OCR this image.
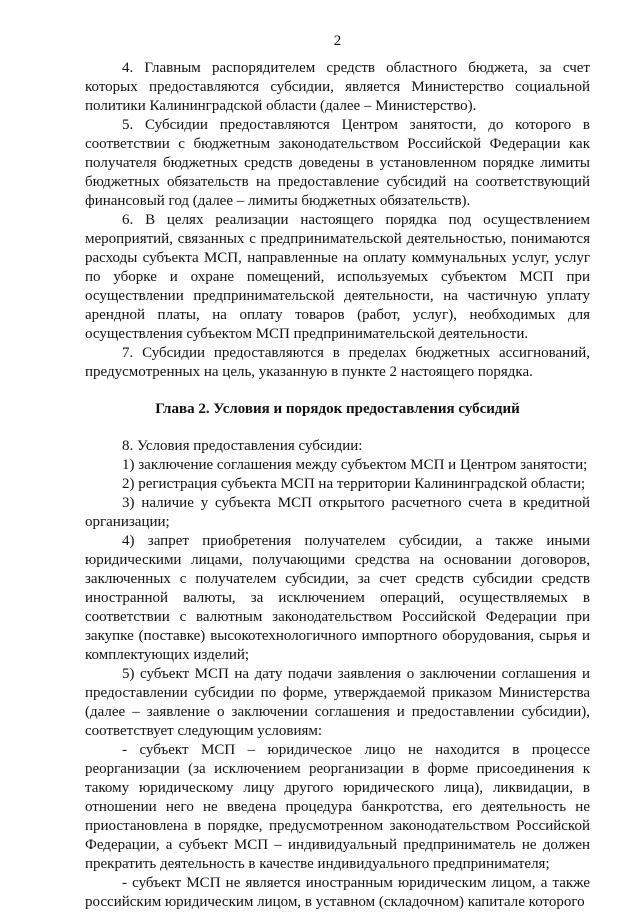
2

4. Главным распорядителем средств областного бюджета, за счет которых предоставляются субсидии, является Министерство социальной политики Калининградской области (далее – Министерство).

5. Субсидии предоставляются Центром занятости, до которого в соответствии с бюджетным законодательством Российской Федерации как получателя бюджетных средств доведены в установленном порядке лимиты бюджетных обязательств на предоставление субсидий на соответствующий финансовый год (далее – лимиты бюджетных обязательств).

6. В целях реализации настоящего порядка под осуществлением мероприятий, связанных с предпринимательской деятельностью, понимаются расходы субъекта МСП, направленные на оплату коммунальных услуг, услуг по уборке и охране помещений, используемых субъектом МСП при осуществлении предпринимательской деятельности, на частичную уплату арендной платы, на оплату товаров (работ, услуг), необходимых для осуществления субъектом МСП предпринимательской деятельности.

7. Субсидии предоставляются в пределах бюджетных ассигнований, предусмотренных на цель, указанную в пункте 2 настоящего порядка.

Глава 2. Условия и порядок предоставления субсидий

8. Условия предоставления субсидии:

1) заключение соглашения между субъектом МСП и Центром занятости;

2) регистрация субъекта МСП на территории Калининградской области;

3) наличие у субъекта МСП открытого расчетного счета в кредитной организации;

4) запрет приобретения получателем субсидии, а также иными юридическими лицами, получающими средства на основании договоров, заключенных с получателем субсидии, за счет средств субсидии средств иностранной валюты, за исключением операций, осуществляемых в соответствии с валютным законодательством Российской Федерации при закупке (поставке) высокотехнологичного импортного оборудования, сырья и комплектующих изделий;

5) субъект МСП на дату подачи заявления о заключении соглашения и предоставлении субсидии по форме, утверждаемой приказом Министерства (далее – заявление о заключении соглашения и предоставлении субсидии), соответствует следующим условиям:

- субъект МСП – юридическое лицо не находится в процессе реорганизации (за исключением реорганизации в форме присоединения к такому юридическому лицу другого юридического лица), ликвидации, в отношении него не введена процедура банкротства, его деятельность не приостановлена в порядке, предусмотренном законодательством Российской Федерации, а субъект МСП – индивидуальный предприниматель не должен прекратить деятельность в качестве индивидуального предпринимателя;

- субъект МСП не является иностранным юридическим лицом, а также российским юридическим лицом, в уставном (складочном) капитале которого
